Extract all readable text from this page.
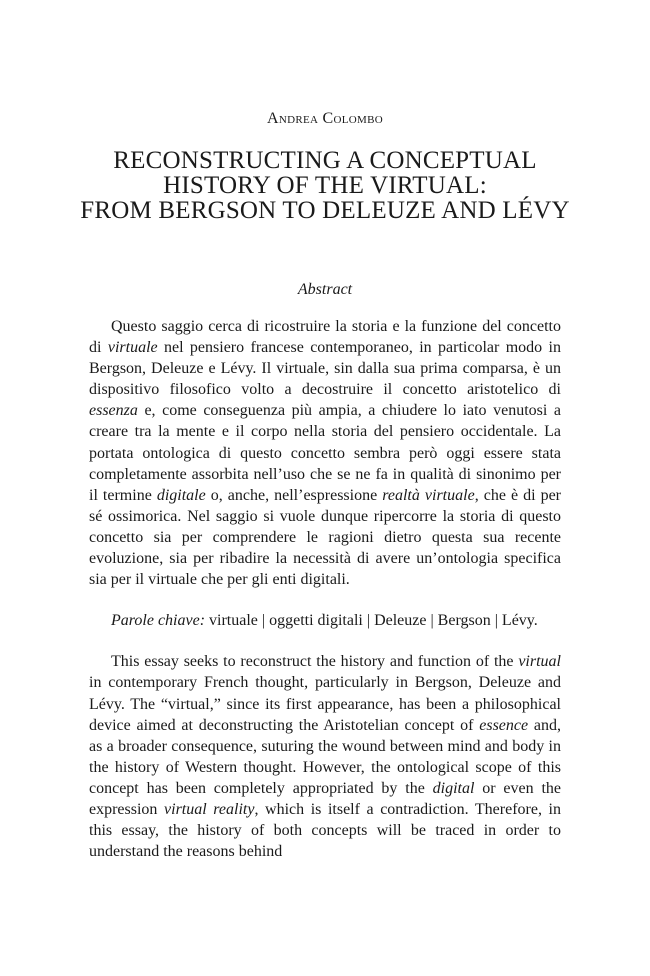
Andrea Colombo
RECONSTRUCTING A CONCEPTUAL
HISTORY OF THE VIRTUAL:
FROM BERGSON TO DELEUZE AND LÉVY
Abstract

Questo saggio cerca di ricostruire la storia e la funzione del concetto di virtuale nel pensiero francese contemporaneo, in particolar modo in Bergson, Deleuze e Lévy. Il virtuale, sin dalla sua prima comparsa, è un dispositivo filosofico volto a decostruire il concetto aristotelico di essenza e, come conseguenza più ampia, a chiudere lo iato venutosi a creare tra la mente e il corpo nella storia del pensiero occidentale. La portata ontologica di questo concetto sembra però oggi essere stata completamente assorbita nell’uso che se ne fa in qualità di sinonimo per il termine digitale o, anche, nell’espressione realtà virtuale, che è di per sé ossimorica. Nel saggio si vuole dunque ripercorre la storia di questo concetto sia per comprendere le ragioni dietro questa sua recente evoluzione, sia per ribadire la necessità di avere un’ontologia specifica sia per il virtuale che per gli enti digitali.

Parole chiave: virtuale | oggetti digitali | Deleuze | Bergson | Lévy.

This essay seeks to reconstruct the history and function of the virtual in contemporary French thought, particularly in Bergson, Deleuze and Lévy. The “virtual,” since its first appearance, has been a philosophical device aimed at deconstructing the Aristotelian concept of essence and, as a broader consequence, suturing the wound between mind and body in the history of Western thought. However, the ontological scope of this concept has been completely appropriated by the digital or even the expression virtual reality, which is itself a contradiction. Therefore, in this essay, the history of both concepts will be traced in order to understand the reasons behind
